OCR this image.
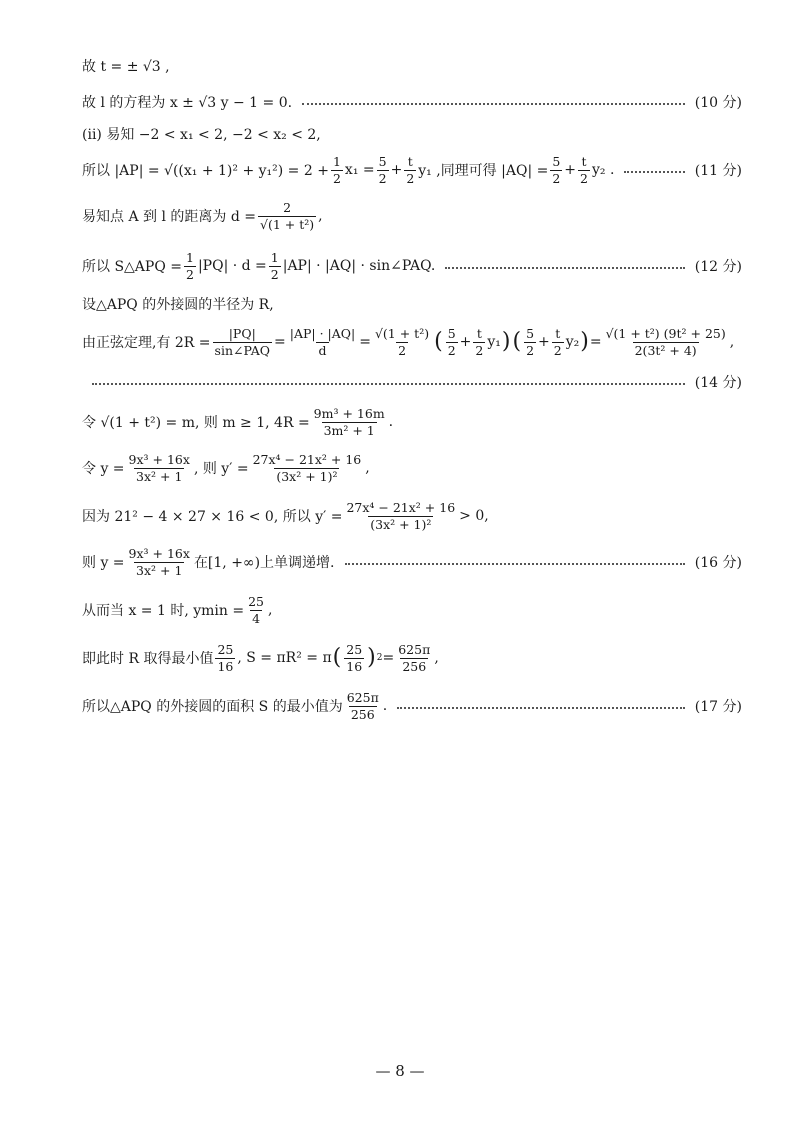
故 t = ± √3 ,
故 l 的方程为 x ± √3 y − 1 = 0.	(10 分)
(ⅱ) 易知 −2 < x₁ < 2, −2 < x₂ < 2,
所以 $|AP| = √((x_1 + 1)^2 + y_1^2) = 2 + \frac{1}{2} x_1 = \frac{5}{2} + \frac{t}{2} y_1$ ,同理可得 $|AQ| = \frac{5}{2} + \frac{t}{2} y_2$ .	(11 分)
易知点 A 到 l 的距离为 $d = \frac{2}{\text{√(1 + t²)}}$ ,
所以 S△APQ = $\frac{1}{2} |PQ| \cdot d = \frac{1}{2} |AP| \cdot |AQ|$ · sin∠PAQ.	(12 分)
设△APQ 的外接圆的半径为 R,
由正弦定理,有 $2R = \frac{|PQ|}{\text{sin∠PAQ}} = \frac{|AP| \cdot |AQ|}{d} = \frac{\text{√(1 + t²)}}{2}$ ( $\frac{5}{2} + \frac{t}{2} y_1$ ) ( $\frac{5}{2} + \frac{t}{2} y_2$ ) = $\frac{\text{√(1 + t²) (9t² + 25)}}{\text{2(3t² + 4)}}$ ,
(14 分)
令 √(1 + t²) = m, 则 m ≥ 1, $4R = \frac{\text{9m³ + 16m}}{\text{3m² + 1}}$ .
令 $y = \frac{\text{9x³ + 16x}}{\text{3x² + 1}}$ , 则 $y' = \frac{\text{27x⁴ − 21x² + 16}}{\text{(3x² + 1)²}}$ ,
因为 21² − 4 × 27 × 16 < 0, 所以 $y' = \frac{\text{27x⁴ − 21x² + 16}}{\text{(3x² + 1)²}} > 0$,
则 $y = \frac{\text{9x³ + 16x}}{\text{3x² + 1}}$ 在[1, +∞)上单调递增.	(16 分)
从而当 x = 1 时, $ymin = \frac{25}{4}$ ,
即此时 R 取得最小值 $\frac{25}{16}$ , S = πR² = π ( $\frac{25}{16}$ ) $2 = \frac{625\pi}{256}$ ,
所以△APQ 的外接圆的面积 S 的最小值为 $\frac{625\pi}{256}$ .	(17 分)
— 8 —
